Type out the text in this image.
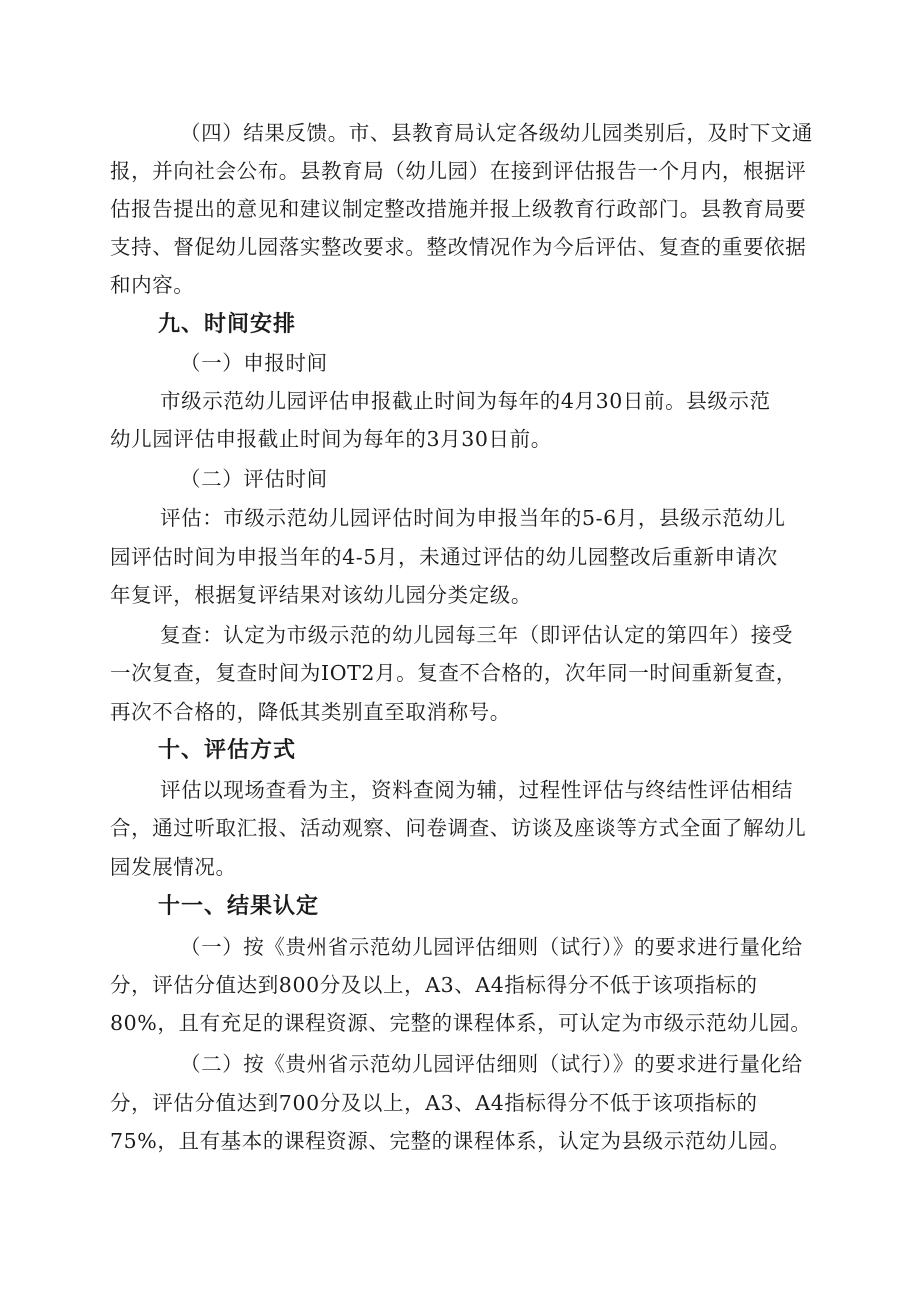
（四）结果反馈。市、县教育局认定各级幼儿园类别后，及时下文通
报，并向社会公布。县教育局（幼儿园）在接到评估报告一个月内，根据评
估报告提出的意见和建议制定整改措施并报上级教育行政部门。县教育局要
支持、督促幼儿园落实整改要求。整改情况作为今后评估、复查的重要依据
和内容。
九、时间安排
（一）申报时间
市级示范幼儿园评估申报截止时间为每年的4月30日前。县级示范
幼儿园评估申报截止时间为每年的3月30日前。
（二）评估时间
评估：市级示范幼儿园评估时间为申报当年的5-6月，县级示范幼儿
园评估时间为申报当年的4-5月，未通过评估的幼儿园整改后重新申请次
年复评，根据复评结果对该幼儿园分类定级。
复查：认定为市级示范的幼儿园每三年（即评估认定的第四年）接受
一次复查，复查时间为IOT2月。复查不合格的，次年同一时间重新复查，
再次不合格的，降低其类别直至取消称号。
十、评估方式
评估以现场查看为主，资料查阅为辅，过程性评估与终结性评估相结
合，通过听取汇报、活动观察、问卷调查、访谈及座谈等方式全面了解幼儿
园发展情况。
十一、结果认定
（一）按《贵州省示范幼儿园评估细则（试行）》的要求进行量化给
分，评估分值达到800分及以上，A3、A4指标得分不低于该项指标的
80%，且有充足的课程资源、完整的课程体系，可认定为市级示范幼儿园。
（二）按《贵州省示范幼儿园评估细则（试行）》的要求进行量化给
分，评估分值达到700分及以上，A3、A4指标得分不低于该项指标的
75%，且有基本的课程资源、完整的课程体系，认定为县级示范幼儿园。
